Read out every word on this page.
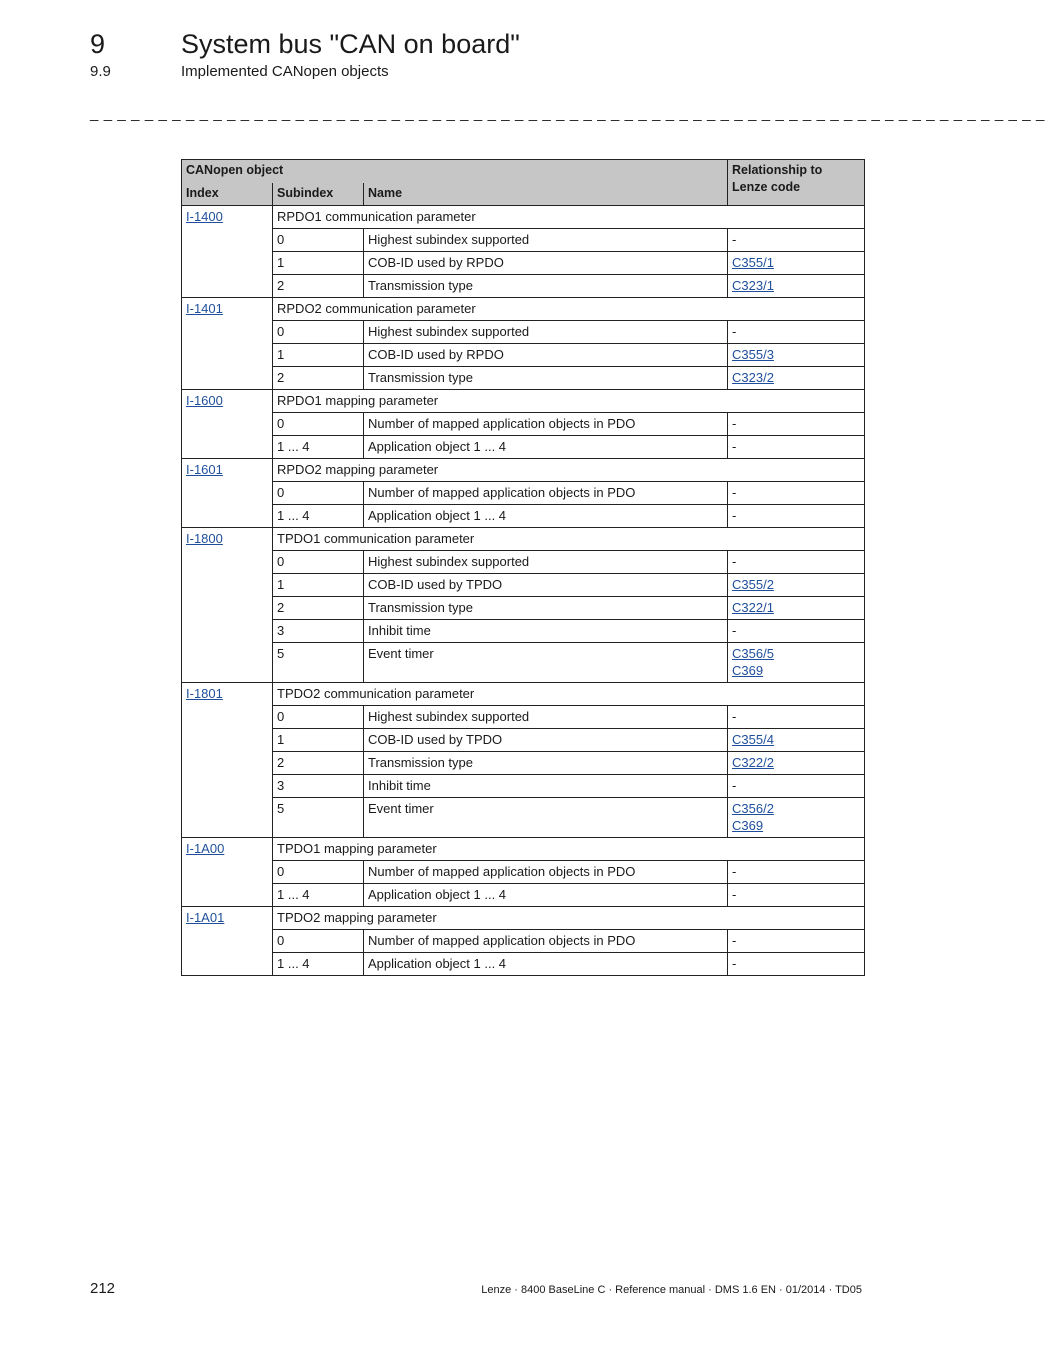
9	System bus "CAN on board"
9.9	Implemented CANopen objects
_ _ _ _ _ _ _ _ _ _ _ _ _ _ _ _ _ _ _ _ _ _ _ _ _ _ _ _ _ _ _ _ _ _ _ _ _ _ _ _ _ _ _ _ _ _ _ _ _ _ _ _ _ _ _ _ _ _ _ _ _ _ _ _ _ _ _ _ _ _
CANopen object			Relationship to Lenze code
Index	Subindex	Name	
I-1400	RPDO1 communication parameter		
	0	Highest subindex supported	-

	1	COB-ID used by RPDO	C355/1

	2	Transmission type	C323/1

I-1401	RPDO2 communication parameter		
	0	Highest subindex supported	-

	1	COB-ID used by RPDO	C355/3

	2	Transmission type	C323/2

I-1600	RPDO1 mapping parameter		
	0	Number of mapped application objects in PDO	-

	1 ... 4	Application object 1 ... 4	-

I-1601	RPDO2 mapping parameter		
	0	Number of mapped application objects in PDO	-

	1 ... 4	Application object 1 ... 4	-

I-1800	TPDO1 communication parameter		
	0	Highest subindex supported	-

	1	COB-ID used by TPDO	C355/2

	2	Transmission type	C322/1

	3	Inhibit time	-

	5	Event timer	C356/5
C369

I-1801	TPDO2 communication parameter		
	0	Highest subindex supported	-

	1	COB-ID used by TPDO	C355/4

	2	Transmission type	C322/2

	3	Inhibit time	-

	5	Event timer	C356/2
C369

I-1A00	TPDO1 mapping parameter		
	0	Number of mapped application objects in PDO	-

	1 ... 4	Application object 1 ... 4	-

I-1A01	TPDO2 mapping parameter		
	0	Number of mapped application objects in PDO	-

	1 ... 4	Application object 1 ... 4	-
212	Lenze · 8400 BaseLine C · Reference manual · DMS 1.6 EN · 01/2014 · TD05
